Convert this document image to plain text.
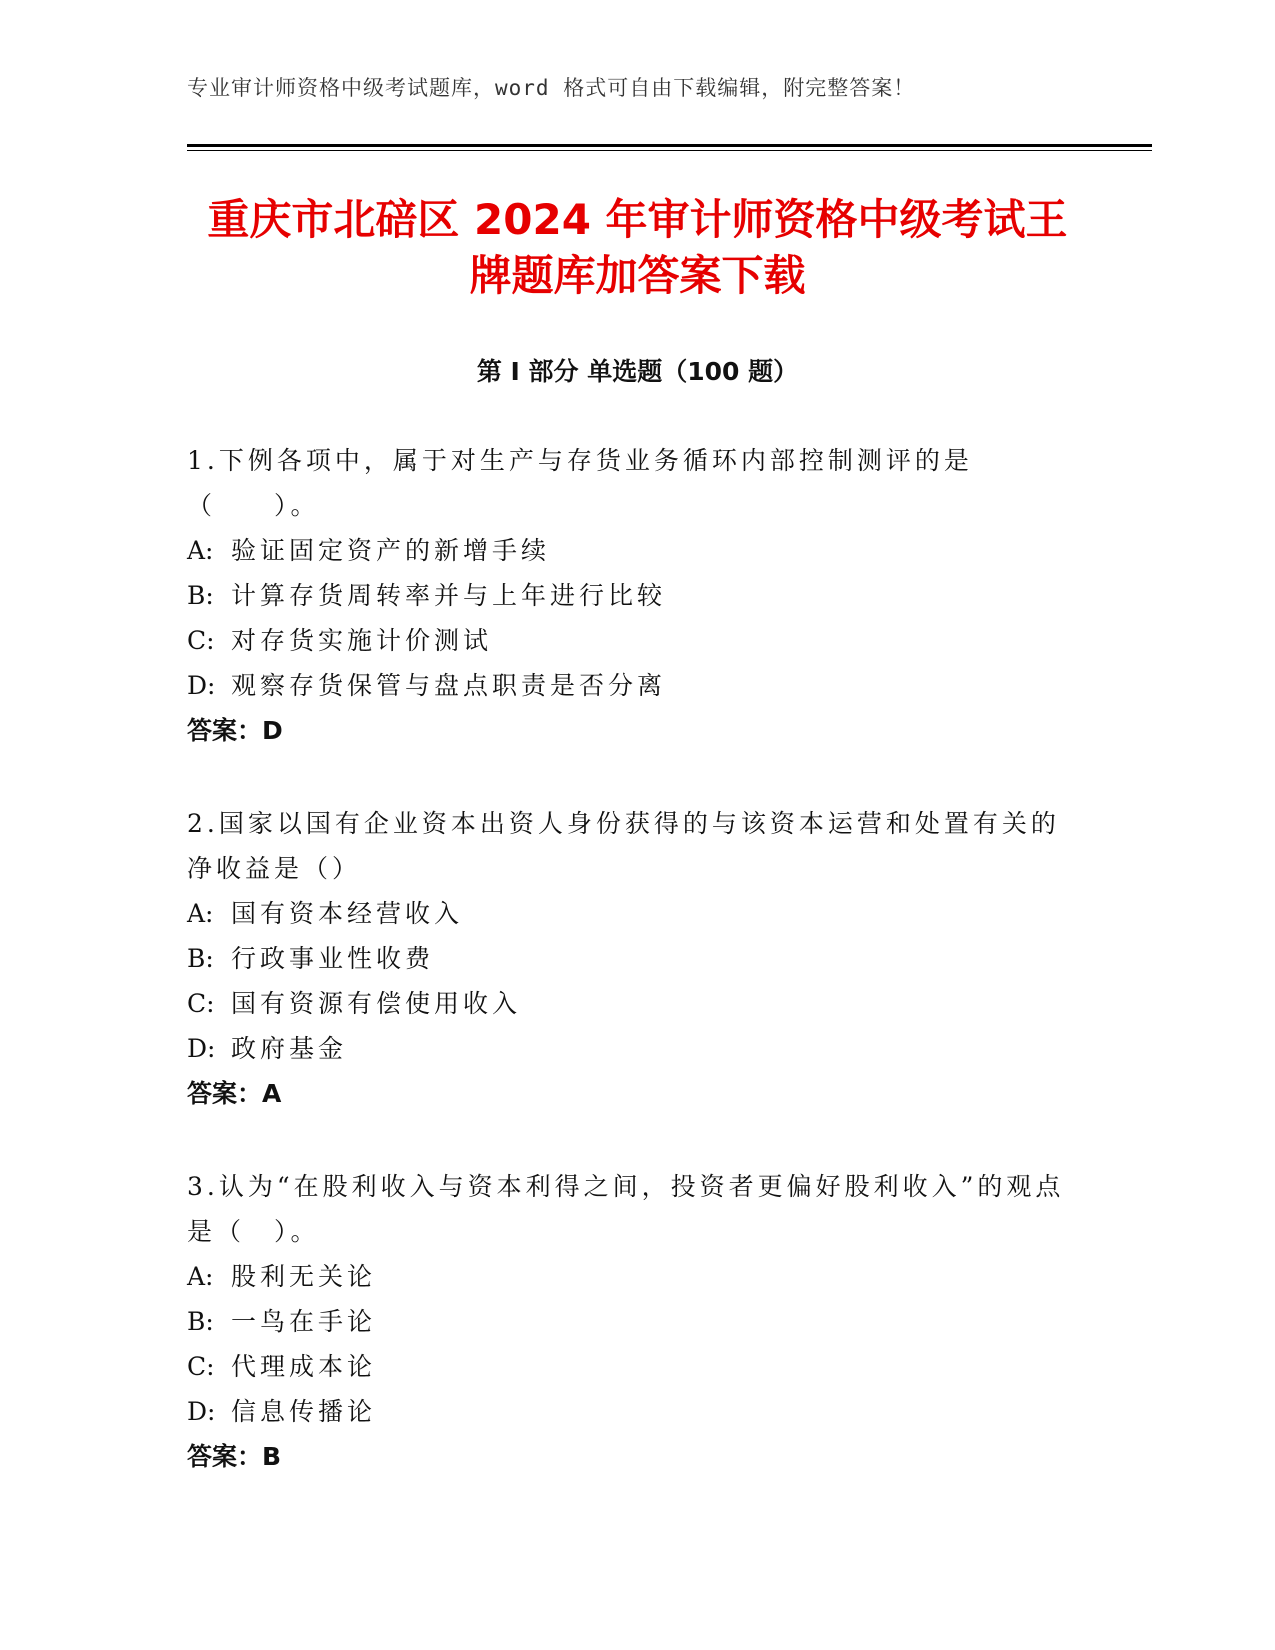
专业审计师资格中级考试题库，word 格式可自由下载编辑，附完整答案！
重庆市北碚区 2024 年审计师资格中级考试王
牌题库加答案下载
第 I 部分 单选题（100 题）
1.下例各项中，属于对生产与存货业务循环内部控制测评的是（　　）。
A: 验证固定资产的新增手续
B: 计算存货周转率并与上年进行比较
C: 对存货实施计价测试
D: 观察存货保管与盘点职责是否分离
答案：D
2.国家以国有企业资本出资人身份获得的与该资本运营和处置有关的净收益是（）
A: 国有资本经营收入
B: 行政事业性收费
C: 国有资源有偿使用收入
D: 政府基金
答案：A
3.认为“在股利收入与资本利得之间，投资者更偏好股利收入”的观点是（　）。
A: 股利无关论
B: 一鸟在手论
C: 代理成本论
D: 信息传播论
答案：B
